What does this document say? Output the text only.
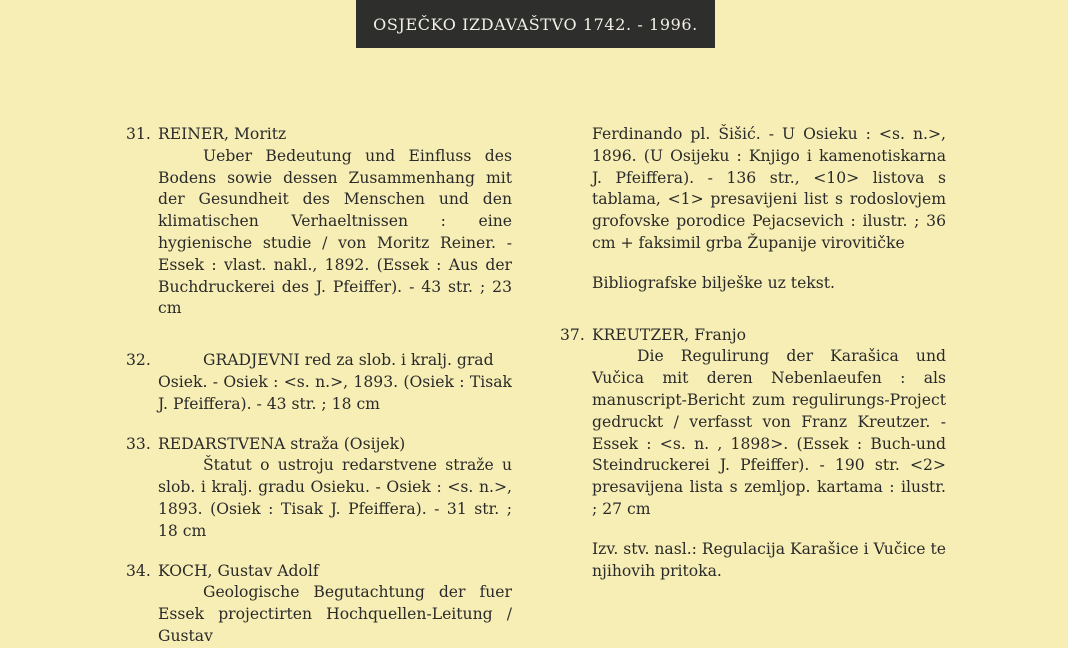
OSJEČKO IZDAVAŠTVO 1742. - 1996.
31. REINER, Moritz

Ueber Bedeutung und Einfluss des Bodens sowie dessen Zusammenhang mit der Gesundheit des Menschen und den klimatischen Verhaeltnissen : eine hygienische studie / von Moritz Reiner. - Essek : vlast. nakl., 1892. (Essek : Aus der Buchdruckerei des J. Pfeiffer). - 43 str. ; 23 cm

32.	GRADJEVNI red za slob. i kralj. grad

Osiek. - Osiek : <s. n.>, 1893. (Osiek : Tisak J. Pfeiffera). - 43 str. ; 18 cm

33. REDARSTVENA straža (Osijek)

Štatut o ustroju redarstvene straže u slob. i kralj. gradu Osieku. - Osiek : <s. n.>, 1893. (Osiek : Tisak J. Pfeiffera). - 31 str. ; 18 cm

34. KOCH, Gustav Adolf

Geologische Begutachtung der fuer Essek projectirten Hochquellen-Leitung / Gustav

Ferdinando pl. Šišić. - U Osieku : <s. n.>, 1896. (U Osijeku : Knjigo i kamenotiskarna J. Pfeiffera). - 136 str., <10> listova s tablama, <1> presavijeni list s rodoslovjem grofovske porodice Pejacsevich : ilustr. ; 36 cm + faksimil grba Županije virovitičke

Bibliografske bilješke uz tekst.

37. KREUTZER, Franjo

Die Regulirung der Karašica und Vučica mit deren Nebenlaeufen : als manuscript-Bericht zum regulirungs-Project gedruckt / verfasst von Franz Kreutzer. - Essek : <s. n. , 1898>. (Essek : Buch-und Steindruckerei J. Pfeiffer). - 190 str. <2> presavijena lista s zemljop. kartama : ilustr. ; 27 cm

Izv. stv. nasl.: Regulacija Karašice i Vučice te njihovih pritoka.
